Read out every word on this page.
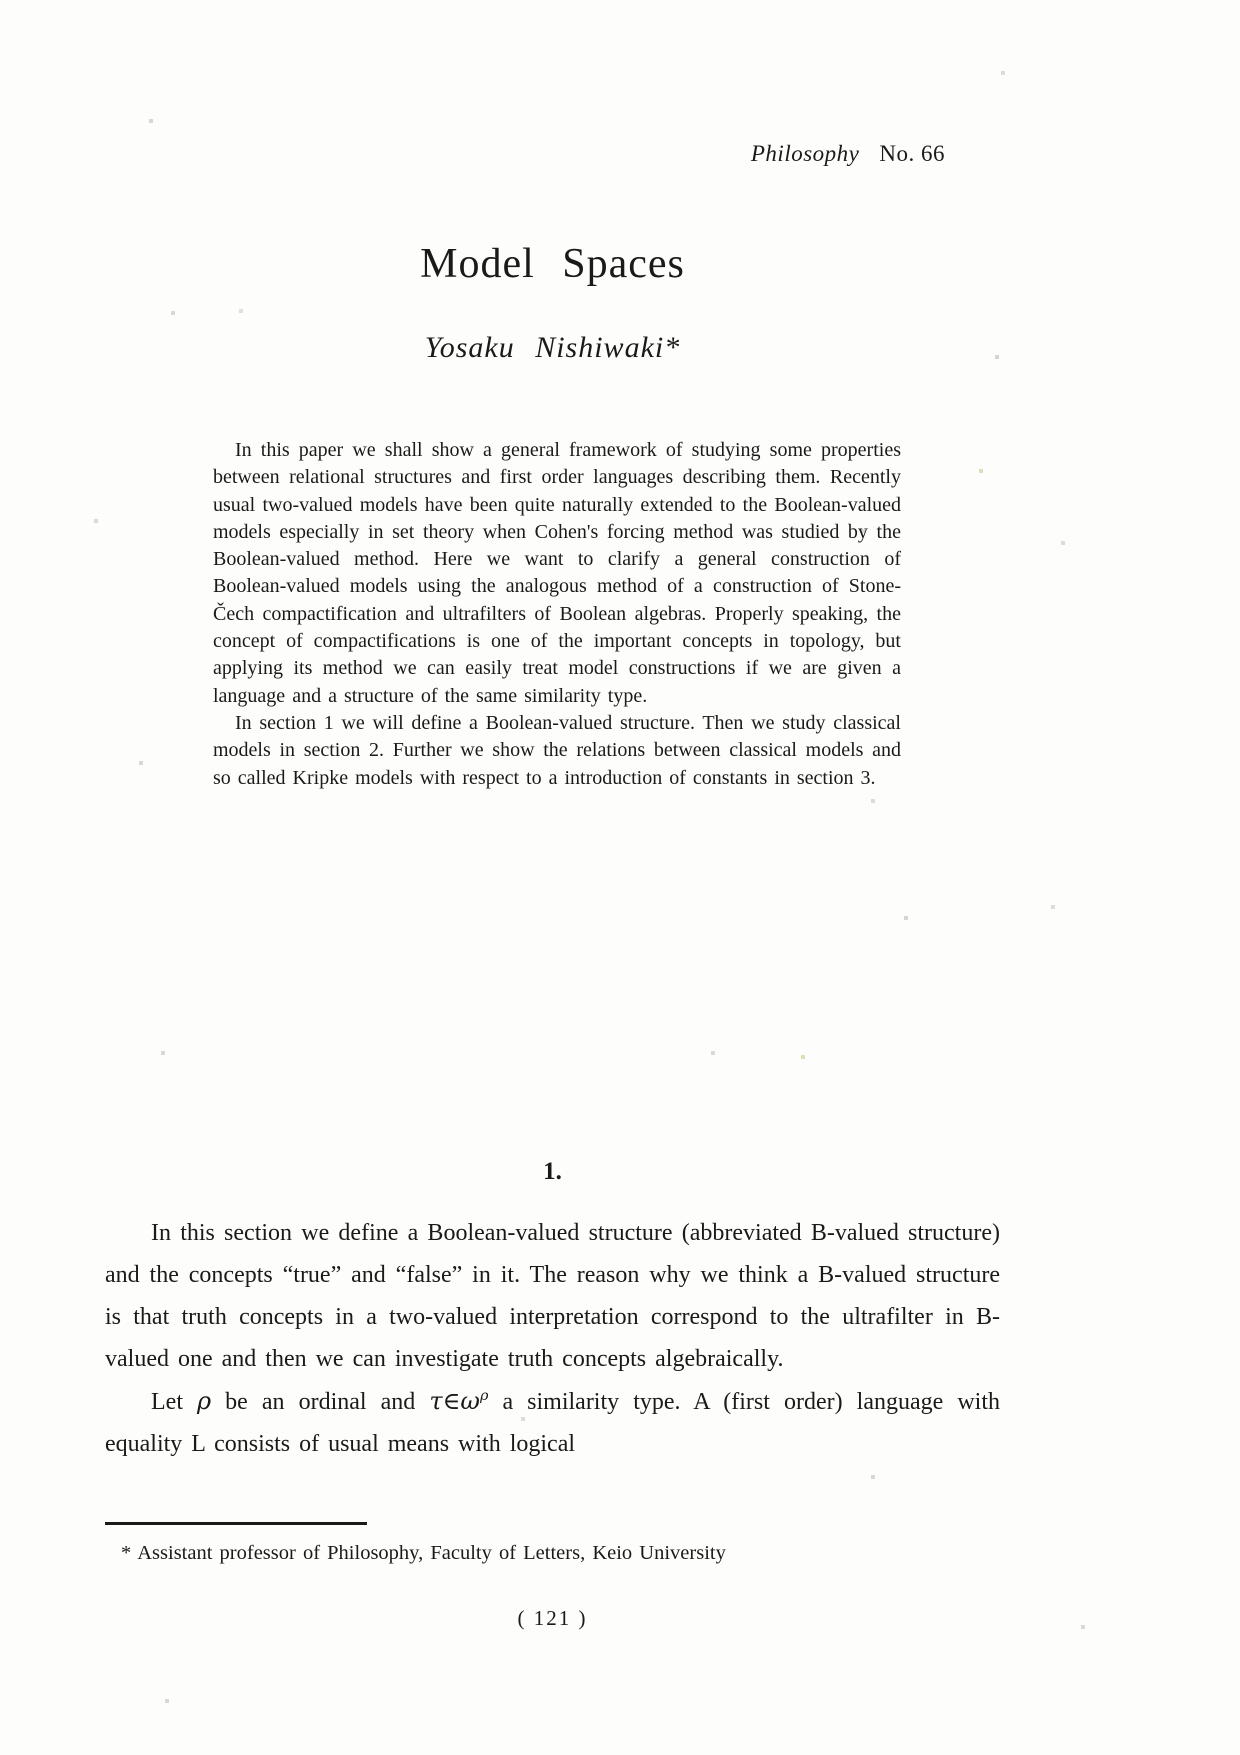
Philosophy No. 66
Model Spaces
Yosaku Nishiwaki*

In this paper we shall show a general framework of studying some properties between relational structures and first order languages describing them. Recently usual two-valued models have been quite naturally extended to the Boolean-valued models especially in set theory when Cohen's forcing method was studied by the Boolean-valued method. Here we want to clarify a general construction of Boolean-valued models using the analogous method of a construction of Stone-Čech compactification and ultrafilters of Boolean algebras. Properly speaking, the concept of compactifications is one of the important concepts in topology, but applying its method we can easily treat model constructions if we are given a language and a structure of the same similarity type.

In section 1 we will define a Boolean-valued structure. Then we study classical models in section 2. Further we show the relations between classical models and so called Kripke models with respect to a introduction of constants in section 3.

1.

In this section we define a Boolean-valued structure (abbreviated B-valued structure) and the concepts “true” and “false” in it. The reason why we think a B-valued structure is that truth concepts in a two-valued interpretation correspond to the ultrafilter in B-valued one and then we can investigate truth concepts algebraically.

Let ρ be an ordinal and $\tau\in\omega^\rho$ a similarity type. A (first order) language with equality L consists of usual means with logical

* Assistant professor of Philosophy, Faculty of Letters, Keio University
( 121 )
